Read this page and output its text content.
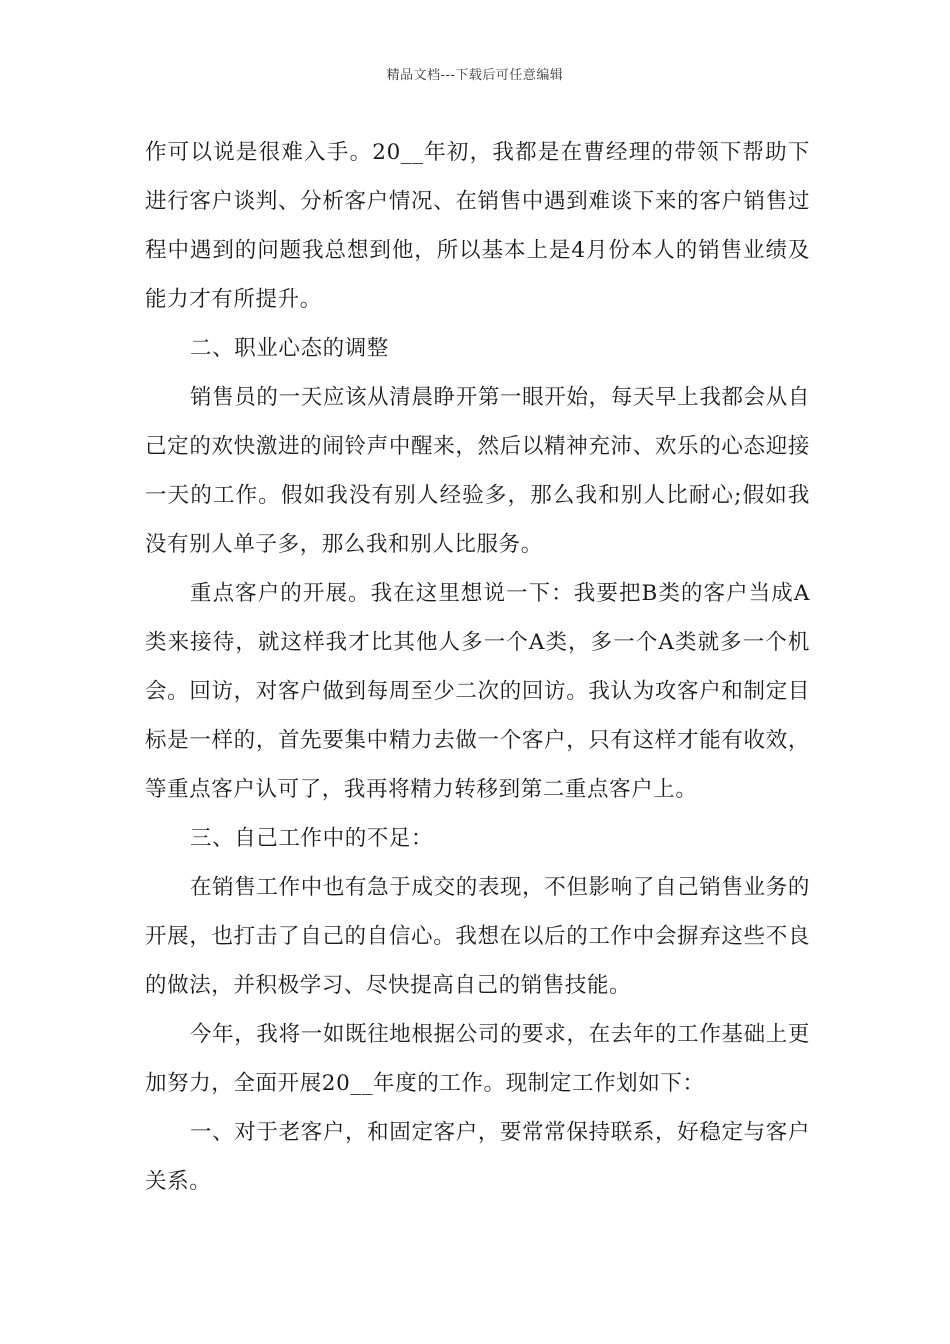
精品文档---下载后可任意编辑

作可以说是很难入手。20__年初，我都是在曹经理的带领下帮助下进行客户谈判、分析客户情况、在销售中遇到难谈下来的客户销售过程中遇到的问题我总想到他，所以基本上是4月份本人的销售业绩及能力才有所提升。

二、职业心态的调整

销售员的一天应该从清晨睁开第一眼开始，每天早上我都会从自己定的欢快激进的闹铃声中醒来，然后以精神充沛、欢乐的心态迎接一天的工作。假如我没有别人经验多，那么我和别人比耐心;假如我没有别人单子多，那么我和别人比服务。

重点客户的开展。我在这里想说一下：我要把B类的客户当成A类来接待，就这样我才比其他人多一个A类，多一个A类就多一个机会。回访，对客户做到每周至少二次的回访。我认为攻客户和制定目标是一样的，首先要集中精力去做一个客户，只有这样才能有收效，等重点客户认可了，我再将精力转移到第二重点客户上。

三、自己工作中的不足：

在销售工作中也有急于成交的表现，不但影响了自己销售业务的开展，也打击了自己的自信心。我想在以后的工作中会摒弃这些不良的做法，并积极学习、尽快提高自己的销售技能。

今年，我将一如既往地根据公司的要求，在去年的工作基础上更加努力，全面开展20__年度的工作。现制定工作划如下：

一、对于老客户，和固定客户，要常常保持联系，好稳定与客户关系。
